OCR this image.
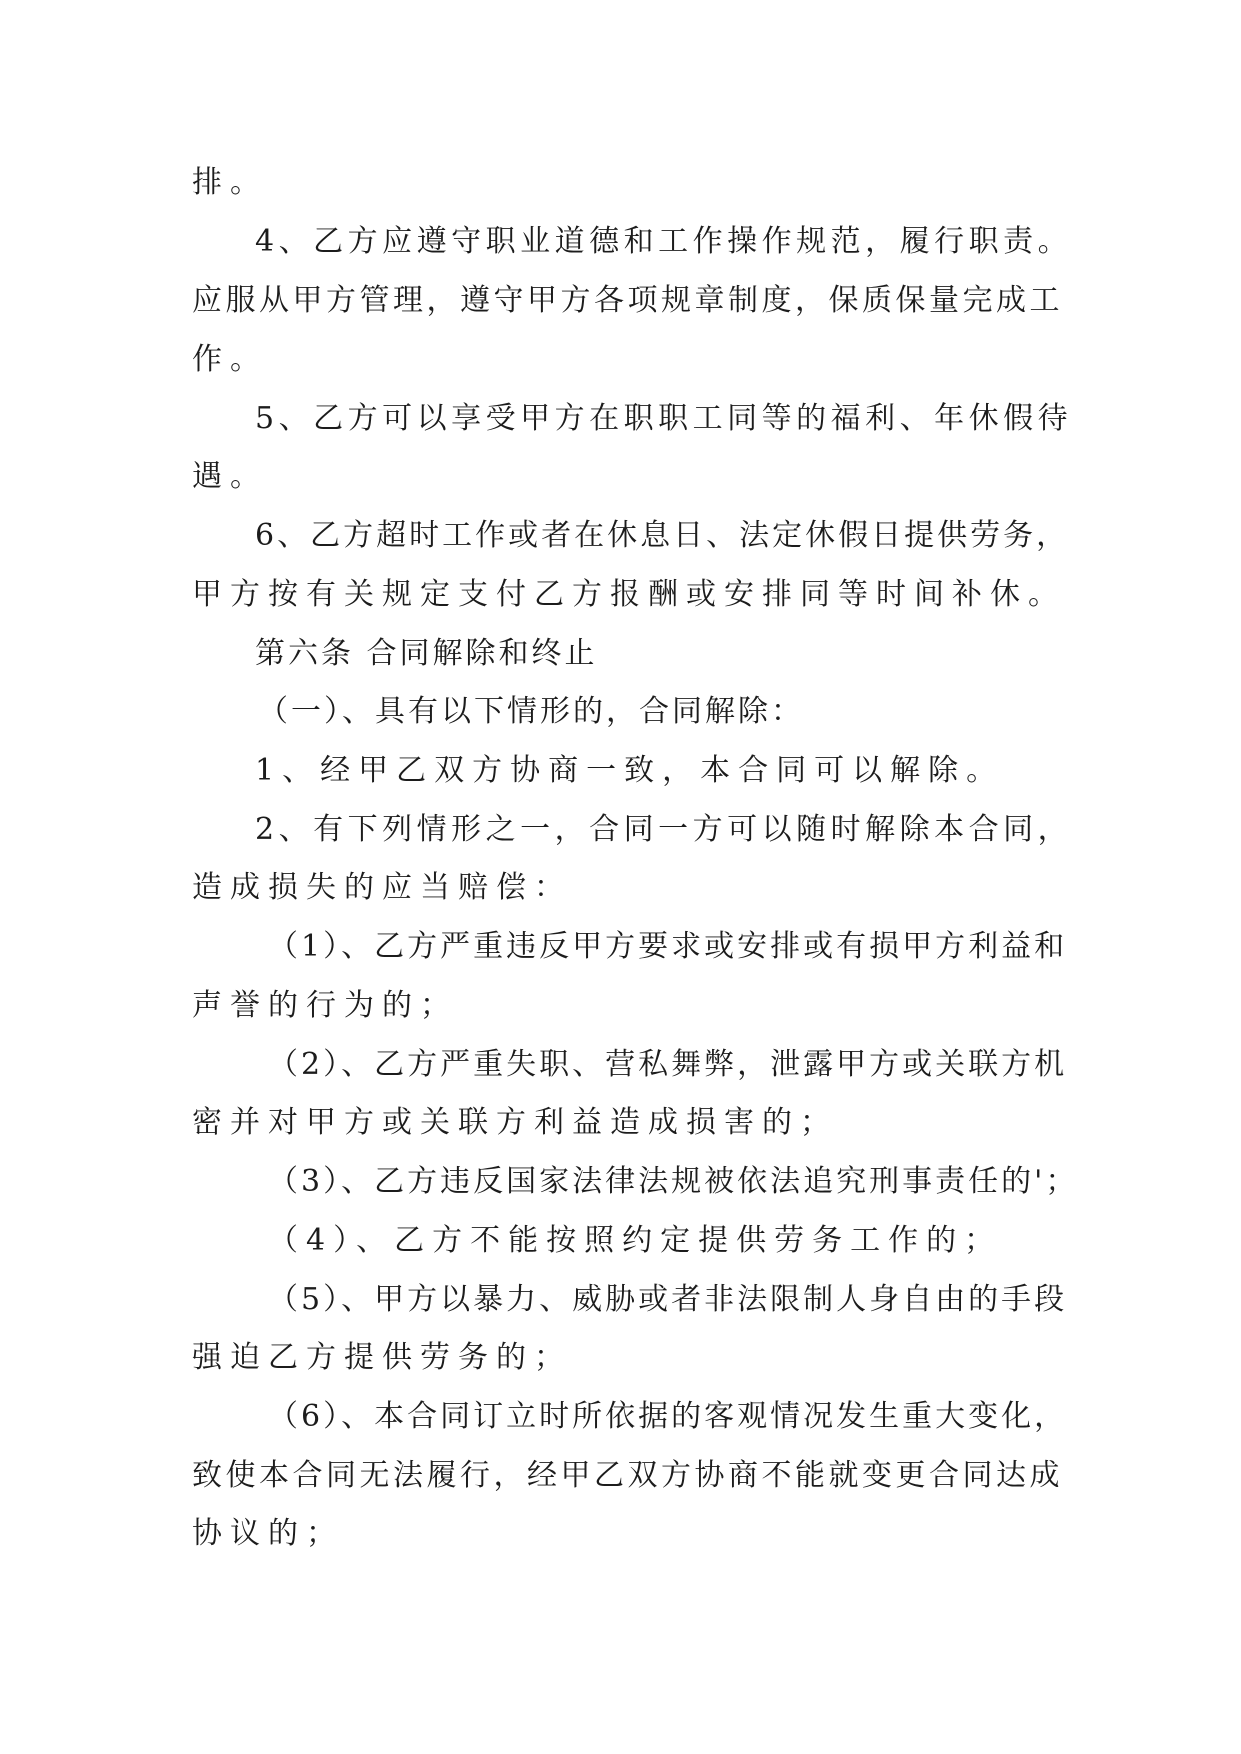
排。
4、乙方应遵守职业道德和工作操作规范，履行职责。
应服从甲方管理，遵守甲方各项规章制度，保质保量完成工
作。
5、乙方可以享受甲方在职职工同等的福利、年休假待
遇。
6、乙方超时工作或者在休息日、法定休假日提供劳务，
甲方按有关规定支付乙方报酬或安排同等时间补休。
第六条 合同解除和终止
（一）、具有以下情形的，合同解除：
1、经甲乙双方协商一致，本合同可以解除。
2、有下列情形之一，合同一方可以随时解除本合同，
造成损失的应当赔偿：
（1）、乙方严重违反甲方要求或安排或有损甲方利益和
声誉的行为的；
（2）、乙方严重失职、营私舞弊，泄露甲方或关联方机
密并对甲方或关联方利益造成损害的；
（3）、乙方违反国家法律法规被依法追究刑事责任的'；
（4）、乙方不能按照约定提供劳务工作的；
（5）、甲方以暴力、威胁或者非法限制人身自由的手段
强迫乙方提供劳务的；
（6）、本合同订立时所依据的客观情况发生重大变化，
致使本合同无法履行，经甲乙双方协商不能就变更合同达成
协议的；
